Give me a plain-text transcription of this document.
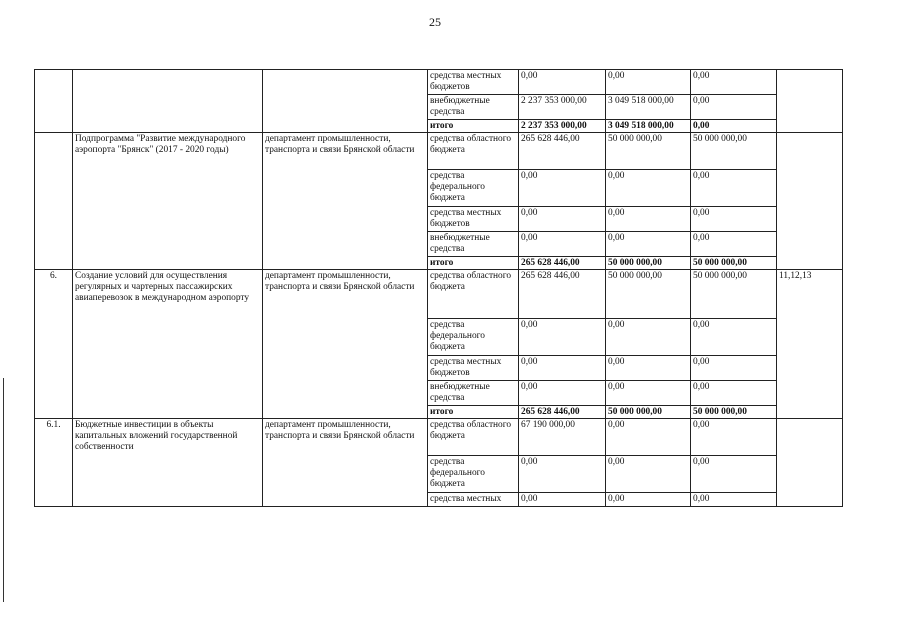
25
			средства местных бюджетов	0,00	0,00	0,00	
			внебюджетные средства	2 237 353 000,00	3 049 518 000,00	0,00	
			итого	2 237 353 000,00	3 049 518 000,00	0,00	
	Подпрограмма "Развитие международного аэропорта "Брянск" (2017 - 2020 годы)	департамент промышленности, транспорта и связи Брянской области	средства областного бюджета	265 628 446,00	50 000 000,00	50 000 000,00	
			средства федерального бюджета	0,00	0,00	0,00	
			средства местных бюджетов	0,00	0,00	0,00	
			внебюджетные средства	0,00	0,00	0,00	
			итого	265 628 446,00	50 000 000,00	50 000 000,00	
6.	Создание условий для осуществления регулярных и чартерных пассажирских авиаперевозок в международном аэропорту	департамент промышленности, транспорта и связи Брянской области	средства областного бюджета	265 628 446,00	50 000 000,00	50 000 000,00	11,12,13
			средства федерального бюджета	0,00	0,00	0,00	
			средства местных бюджетов	0,00	0,00	0,00	
			внебюджетные средства	0,00	0,00	0,00	
			итого	265 628 446,00	50 000 000,00	50 000 000,00	
6.1.	Бюджетные инвестиции в объекты капитальных вложений государственной собственности	департамент промышленности, транспорта и связи Брянской области	средства областного бюджета	67 190 000,00	0,00	0,00	
			средства федерального бюджета	0,00	0,00	0,00	
			средства местных	0,00	0,00	0,00	
